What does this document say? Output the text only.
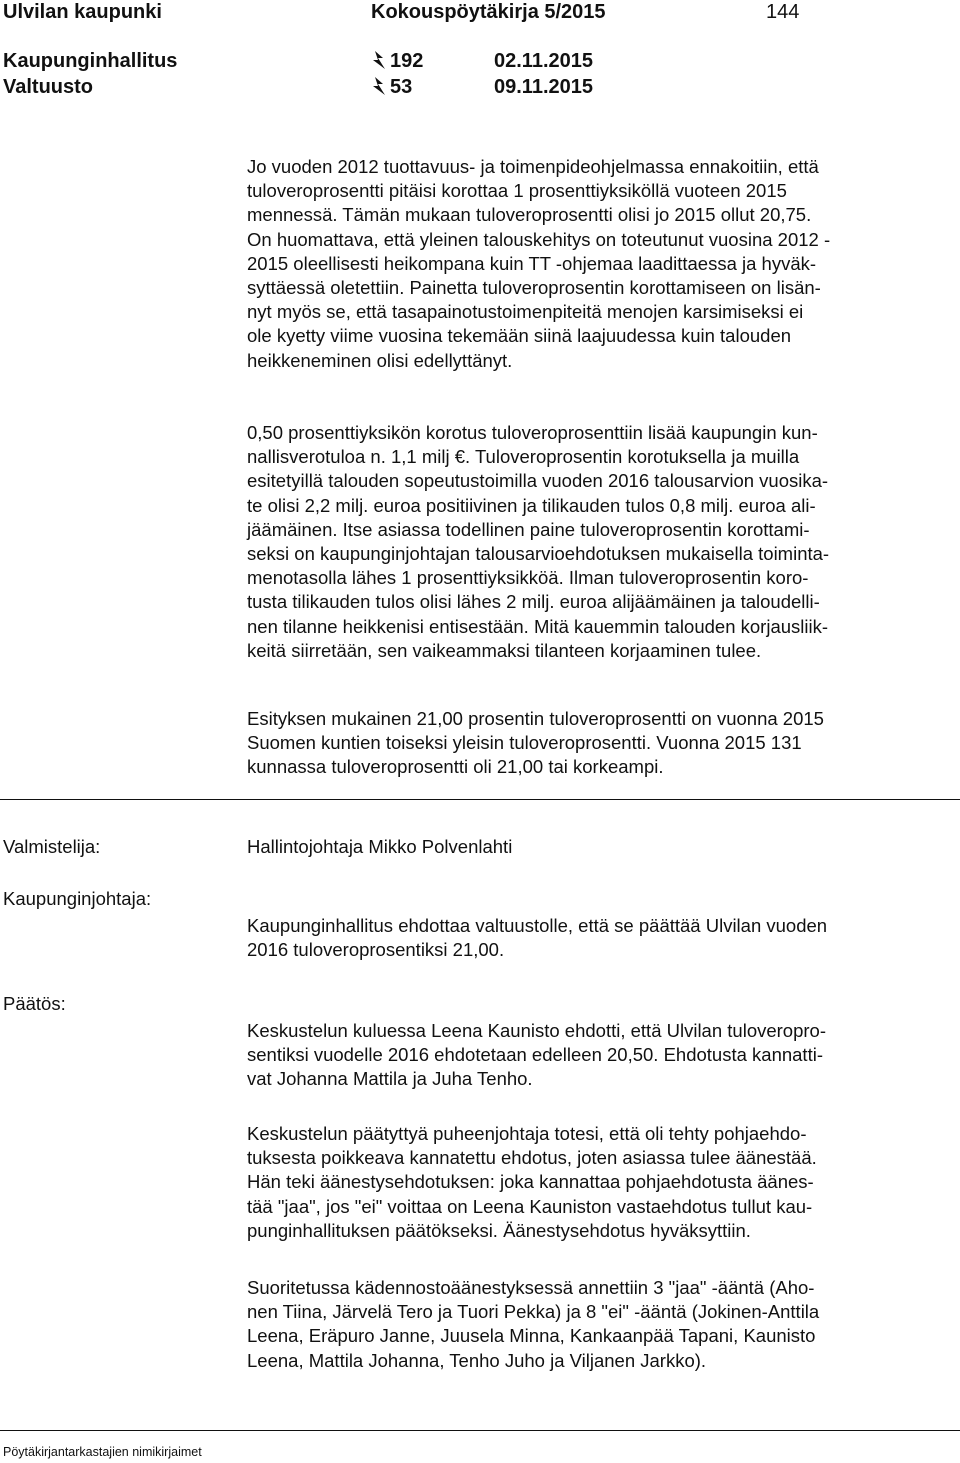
Ulvilan kaupunki	Kokouspöytäkirja 5/2015	144
Kaupunginhallitus	192	02.11.2015
Valtuusto	53	09.11.2015

Jo vuoden 2012 tuottavuus- ja toimenpideohjelmassa ennakoitiin, että

tuloveroprosentti pitäisi korottaa 1 prosenttiyksiköllä vuoteen 2015

mennessä. Tämän mukaan tuloveroprosentti olisi jo 2015 ollut 20,75.

On huomattava, että yleinen talouskehitys on toteutunut vuosina 2012 -

2015 oleellisesti heikompana kuin TT -ohjemaa laadittaessa ja hyväk-

syttäessä oletettiin. Painetta tuloveroprosentin korottamiseen on lisän-

nyt myös se, että tasapainotustoimenpiteitä menojen karsimiseksi ei

ole kyetty viime vuosina tekemään siinä laajuudessa kuin talouden

heikkeneminen olisi edellyttänyt.

0,50 prosenttiyksikön korotus tuloveroprosenttiin lisää kaupungin kun-

nallisverotuloa n. 1,1 milj €. Tuloveroprosentin korotuksella ja muilla

esitetyillä talouden sopeutustoimilla vuoden 2016 talousarvion vuosika-

te olisi 2,2 milj. euroa positiivinen ja tilikauden tulos 0,8 milj. euroa ali-

jäämäinen. Itse asiassa todellinen paine tuloveroprosentin korottami-

seksi on kaupunginjohtajan talousarvioehdotuksen mukaisella toiminta-

menotasolla lähes 1 prosenttiyksikköä. Ilman tuloveroprosentin koro-

tusta tilikauden tulos olisi lähes 2 milj. euroa alijäämäinen ja taloudelli-

nen tilanne heikkenisi entisestään. Mitä kauemmin talouden korjausliik-

keitä siirretään, sen vaikeammaksi tilanteen korjaaminen tulee.

Esityksen mukainen 21,00 prosentin tuloveroprosentti on vuonna 2015

Suomen kuntien toiseksi yleisin tuloveroprosentti. Vuonna 2015 131

kunnassa tuloveroprosentti oli 21,00 tai korkeampi.

Valmistelija:	Hallintojohtaja Mikko Polvenlahti

Kaupunginjohtaja:

Kaupunginhallitus ehdottaa valtuustolle, että se päättää Ulvilan vuoden

2016 tuloveroprosentiksi 21,00.

Päätös:

Keskustelun kuluessa Leena Kaunisto ehdotti, että Ulvilan tuloveropro-

sentiksi vuodelle 2016 ehdotetaan edelleen 20,50. Ehdotusta kannatti-

vat Johanna Mattila ja Juha Tenho.

Keskustelun päätyttyä puheenjohtaja totesi, että oli tehty pohjaehdo-

tuksesta poikkeava kannatettu ehdotus, joten asiassa tulee äänestää.

Hän teki äänestysehdotuksen: joka kannattaa pohjaehdotusta äänes-

tää "jaa", jos "ei" voittaa on Leena Kauniston vastaehdotus tullut kau-

punginhallituksen päätökseksi. Äänestysehdotus hyväksyttiin.

Suoritetussa kädennostoäänestyksessä annettiin 3 "jaa" -ääntä (Aho-

nen Tiina, Järvelä Tero ja Tuori Pekka) ja 8 "ei" -ääntä (Jokinen-Anttila

Leena, Eräpuro Janne, Juusela Minna, Kankaanpää Tapani, Kaunisto

Leena, Mattila Johanna, Tenho Juho ja Viljanen Jarkko).

Pöytäkirjantarkastajien nimikirjaimet
